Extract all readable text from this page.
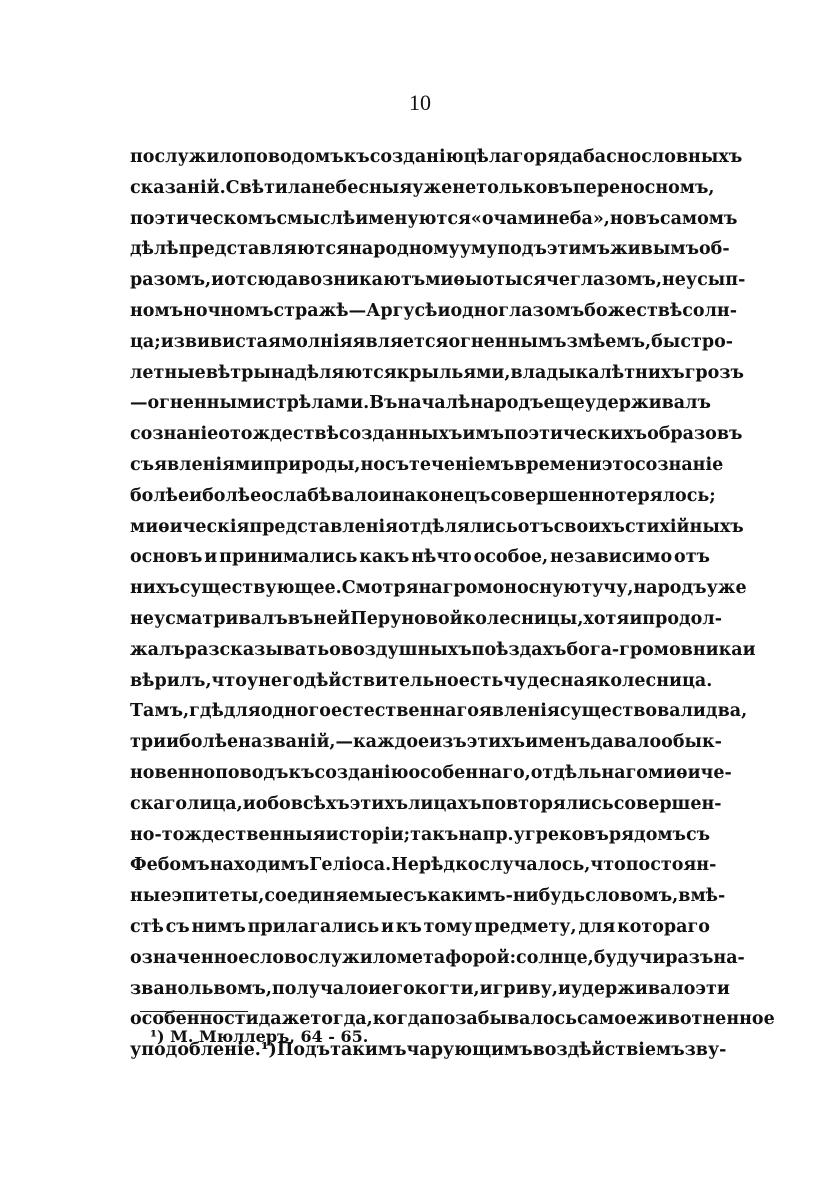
10
послужило поводомъ къ созданію цѣлаго ряда баснословныхъ
сказаній. Свѣтила небесныя уже не только въ переносномъ,
поэтическомъ смыслѣ именуются «очами неба», но въ самомъ
дѣлѣ представляются народному уму подъ этимъ живымъ об-
разомъ, и отсюда возникаютъ миѳы о тысячеглазомъ, неусып-
номъ ночномъ стражѣ — Аргусѣ и одноглазомъ божествѣ солн-
ца; извивистая молнія является огненнымъ змѣемъ, быстро-
летные вѣтры надѣляются крыльями, владыка лѣтнихъ грозъ
—огненными стрѣлами. Въ началѣ народъ еще удерживалъ
сознаніе о тождествѣ созданныхъ имъ поэтическихъ образовъ
съ явленіями природы, но съ теченіемъ времени это сознаніе
болѣе и болѣе ослабѣвало и наконецъ совершенно терялось;
миѳическія представленія отдѣлялись отъ своихъ стихійныхъ
основъ и принимались какъ нѣчто особое, независимо отъ
нихъ существующее. Смотря на громоносную тучу, народъ уже
не усматривалъ въ ней Перуновой колесницы, хотя и продол-
жалъ разсказывать о воздушныхъ поѣздахъ бога-громовника и
вѣрилъ, что у него дѣйствительно есть чудесная колесница.
Тамъ, гдѣ для одного естественнаго явленія существовали два,
три и болѣе названій,—каждое изъ этихъ именъ давало обык-
новенно поводъ къ созданію особеннаго, отдѣльнаго миѳиче-
скаго лица, и обо всѣхъ этихъ лицахъ повторялись совершен-
но-тождественныя исторіи; такъ напр. у грековъ рядомъ съ
Фебомъ находимъ Геліоса. Нерѣдко случалось, что постоян-
ные эпитеты, соединяемые съ какимъ-нибудь словомъ, вмѣ-
стѣ съ нимъ прилагались и къ тому предмету, для котораго
означенное слово служило метафорой: солнце, будучи разъ на-
звано львомъ, получало и его когти, и гриву, и удерживало эти
особенности даже тогда, когда позабывалось самое животненное
уподобленіе. ¹) Подъ такимъ чарующимъ воздѣйствіемъ зву-
¹) М. Мюллеръ, 64 - 65.
